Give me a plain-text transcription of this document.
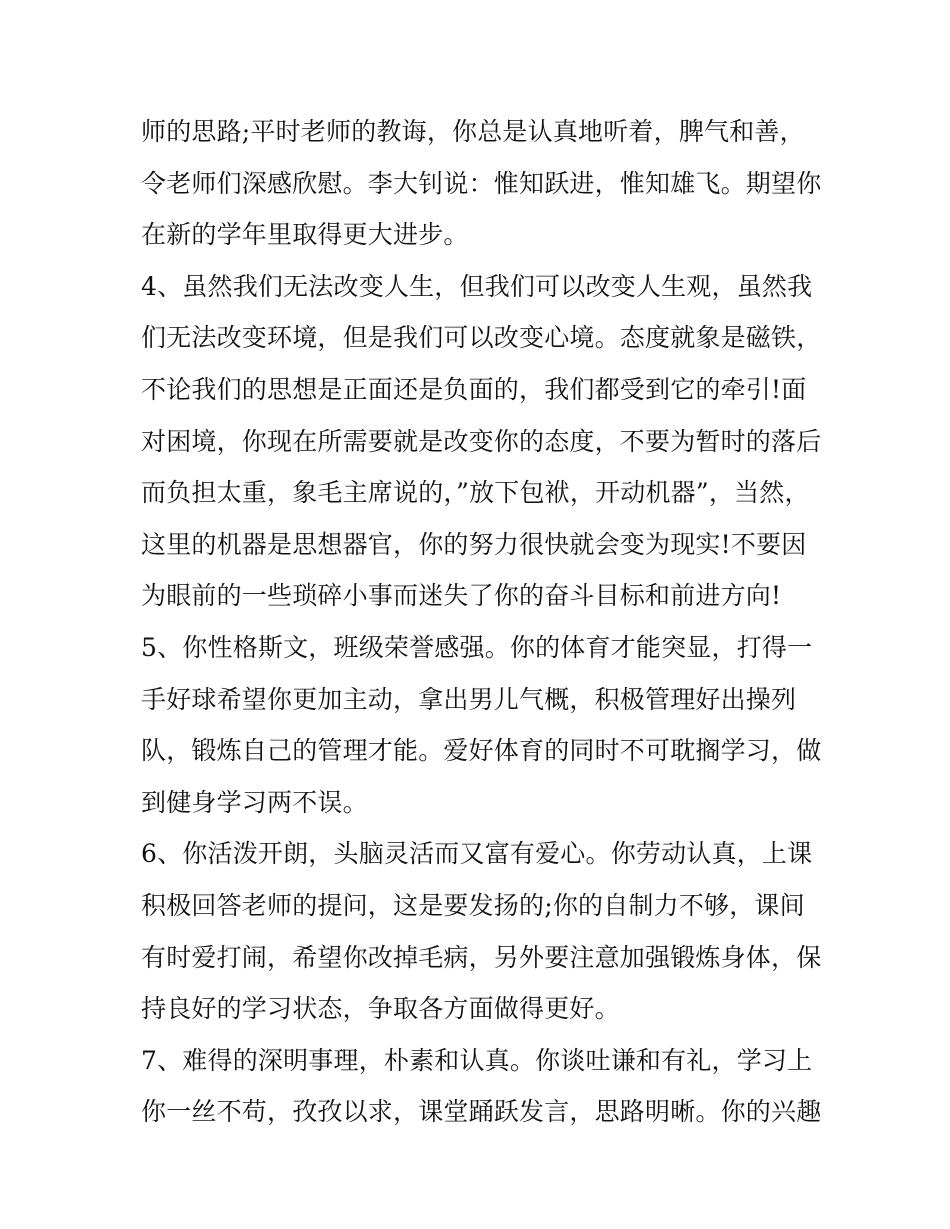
师的思路;平时老师的教诲，你总是认真地听着，脾气和善，
令老师们深感欣慰。李大钊说：惟知跃进，惟知雄飞。期望你
在新的学年里取得更大进步。
4、虽然我们无法改变人生，但我们可以改变人生观，虽然我
们无法改变环境，但是我们可以改变心境。态度就象是磁铁，
不论我们的思想是正面还是负面的，我们都受到它的牵引!面
对困境，你现在所需要就是改变你的态度，不要为暂时的落后
而负担太重，象毛主席说的，”放下包袱，开动机器”，当然，
这里的机器是思想器官，你的努力很快就会变为现实!不要因
为眼前的一些琐碎小事而迷失了你的奋斗目标和前进方向!
5、你性格斯文，班级荣誉感强。你的体育才能突显，打得一
手好球希望你更加主动，拿出男儿气概，积极管理好出操列
队，锻炼自己的管理才能。爱好体育的同时不可耽搁学习，做
到健身学习两不误。
6、你活泼开朗，头脑灵活而又富有爱心。你劳动认真，上课
积极回答老师的提问，这是要发扬的;你的自制力不够，课间
有时爱打闹，希望你改掉毛病，另外要注意加强锻炼身体，保
持良好的学习状态，争取各方面做得更好。
7、难得的深明事理，朴素和认真。你谈吐谦和有礼，学习上
你一丝不苟，孜孜以求，课堂踊跃发言，思路明晰。你的兴趣
